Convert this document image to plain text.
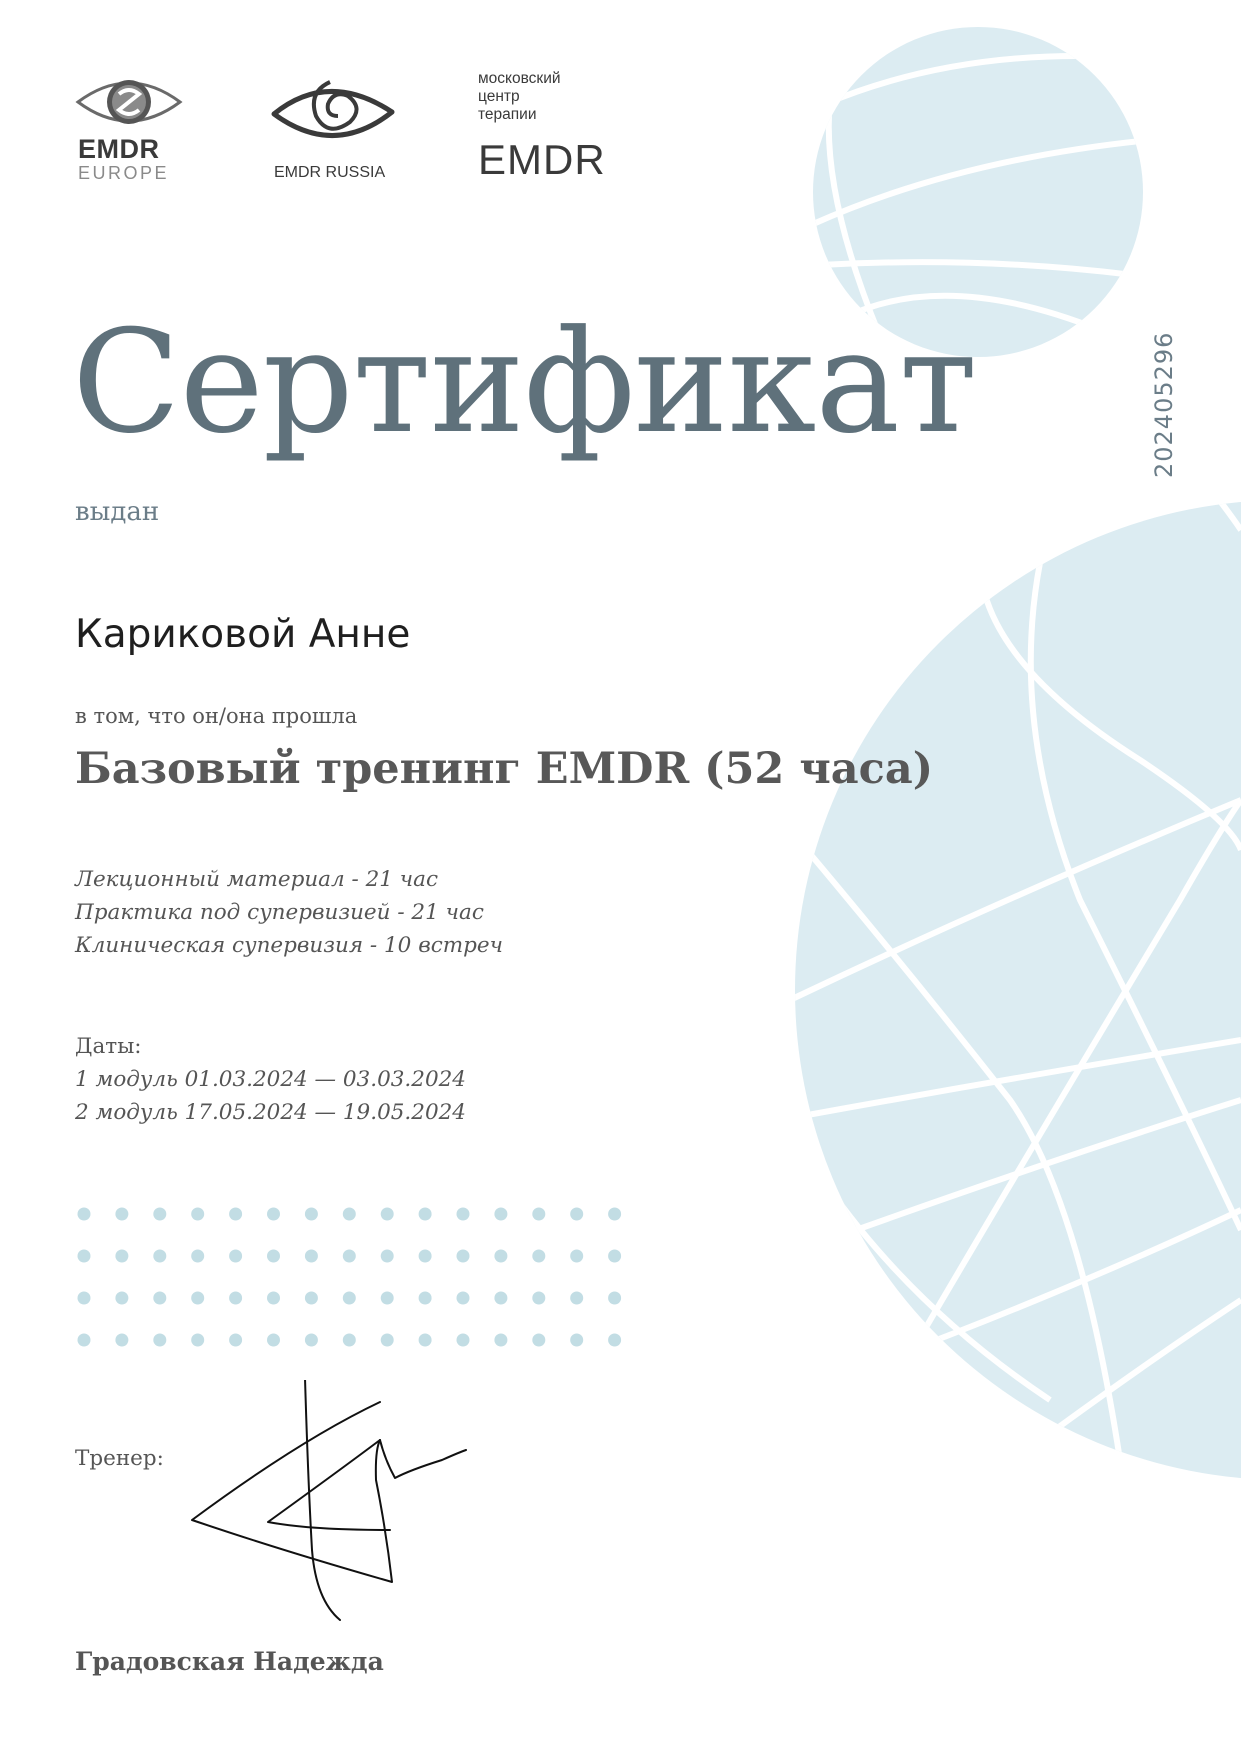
EMDR
EUROPE	EMDR RUSSIA
московский
центр
терапии
EMDR
Сертификат
выдан
Кариковой Анне
в том, что он/она прошла
Базовый тренинг EMDR (52 часа)
Лекционный материал - 21 час
Практика под супервизией - 21 час
Клиническая супервизия - 10 встреч
Даты:
1 модуль 01.03.2024 — 03.03.2024
2 модуль 17.05.2024 — 19.05.2024
Тренер:
Градовская Надежда
202405296
